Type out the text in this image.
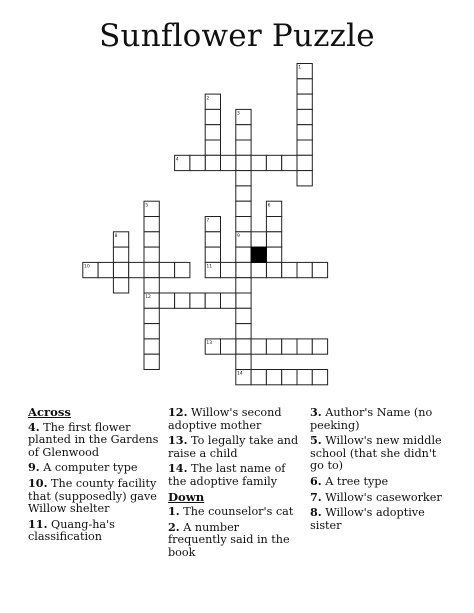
Sunflower Puzzle
1
2
3
4
5	6
7
8	9
10	11
12
13
14
Across
4. The first flower planted in the Gardens of Glenwood
9. A computer type
10. The county facility that (supposedly) gave Willow shelter
11. Quang-ha's classification
12. Willow's second adoptive mother
13. To legally take and raise a child
14. The last name of the adoptive family
Down
1. The counselor's cat
2. A number frequently said in the book
3. Author's Name (no peeking)
5. Willow's new middle school (that she didn't go to)
6. A tree type
7. Willow's caseworker
8. Willow's adoptive sister
